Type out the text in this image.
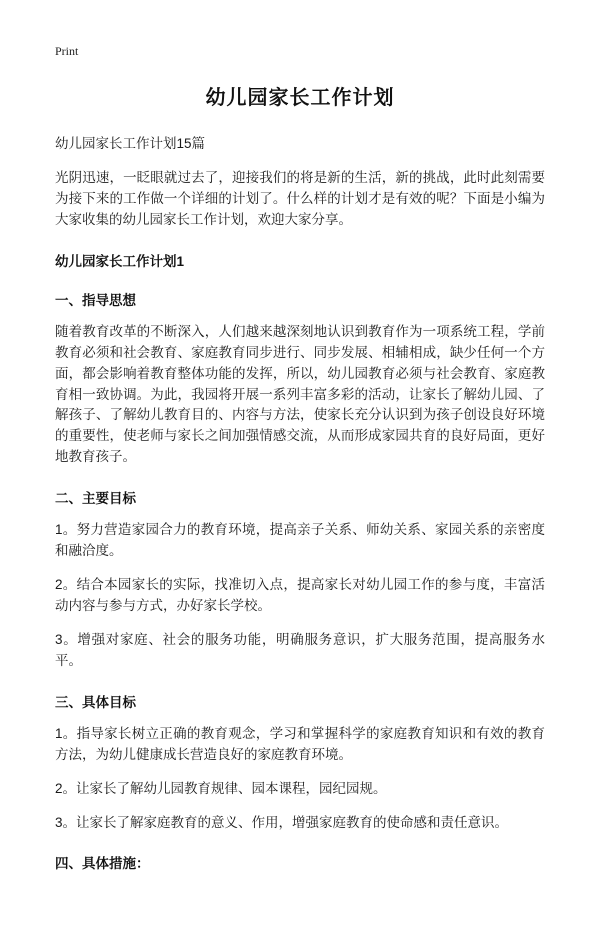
Print
幼儿园家长工作计划
幼儿园家长工作计划15篇

光阴迅速，一眨眼就过去了，迎接我们的将是新的生活，新的挑战，此时此刻需要为接下来的工作做一个详细的计划了。什么样的计划才是有效的呢？下面是小编为大家收集的幼儿园家长工作计划，欢迎大家分享。

幼儿园家长工作计划1
一、指导思想

随着教育改革的不断深入，人们越来越深刻地认识到教育作为一项系统工程，学前教育必须和社会教育、家庭教育同步进行、同步发展、相辅相成，缺少任何一个方面，都会影响着教育整体功能的发挥，所以，幼儿园教育必须与社会教育、家庭教育相一致协调。为此，我园将开展一系列丰富多彩的活动，让家长了解幼儿园、了解孩子、了解幼儿教育目的、内容与方法，使家长充分认识到为孩子创设良好环境的重要性，使老师与家长之间加强情感交流，从而形成家园共育的良好局面，更好地教育孩子。

二、主要目标

1。努力营造家园合力的教育环境，提高亲子关系、师幼关系、家园关系的亲密度和融洽度。

2。结合本园家长的实际，找准切入点，提高家长对幼儿园工作的参与度，丰富活动内容与参与方式，办好家长学校。

3。增强对家庭、社会的服务功能，明确服务意识，扩大服务范围，提高服务水平。

三、具体目标

1。指导家长树立正确的教育观念，学习和掌握科学的家庭教育知识和有效的教育方法，为幼儿健康成长营造良好的家庭教育环境。

2。让家长了解幼儿园教育规律、园本课程，园纪园规。

3。让家长了解家庭教育的意义、作用，增强家庭教育的使命感和责任意识。

四、具体措施：
